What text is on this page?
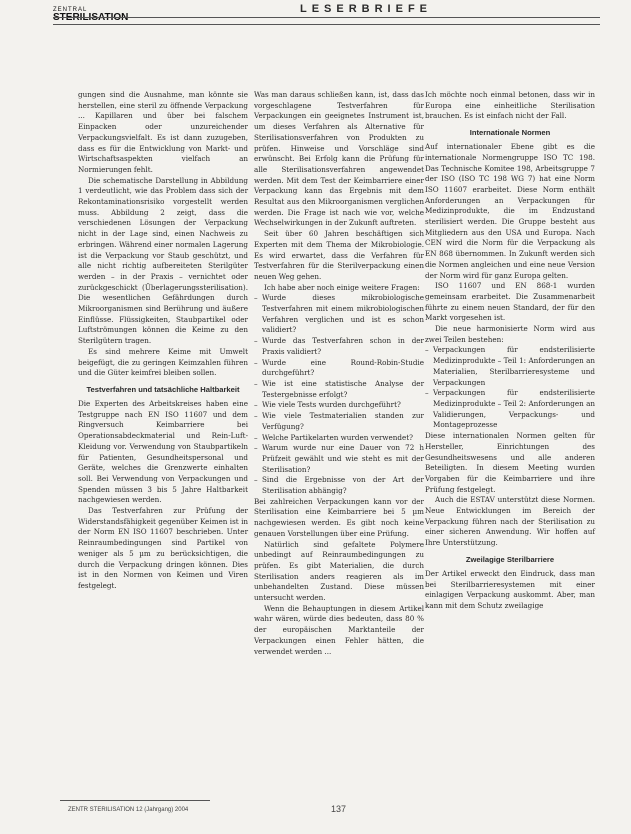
LESERBRIEFE
ZENTRAL

gungen sind die Ausnahme, man könnte sie herstellen, eine steril zu öffnende Verpackung ... Kapillaren und über bei falschem Einpacken oder unzureichender Verpackungsvielfalt. Es ist dann zuzugeben, dass es für die Entwicklung von Markt- und Wirtschaftsaspekten vielfach an Normierungen fehlt.

Die schematische Darstellung in Abbildung 1 verdeutlicht, wie das Problem dass sich der Rekontaminationsrisiko vorgestellt werden muss. Abbildung 2 zeigt, dass die verschiedenen Lösungen der Verpackung nicht in der Lage sind, einen Nachweis zu erbringen. Während einer normalen Lagerung ist die Verpackung vor Staub geschützt, und alle nicht richtig aufbereiteten Sterilgüter werden – in der Praxis – vernichtet oder zurückgeschickt (Überlagerungssterilisation). Die wesentlichen Gefährdungen durch Mikroorganismen sind Berührung und äußere Einflüsse. Flüssigkeiten, Staubpartikel oder Luftströmungen können die Keime zu den Sterilgütern tragen.

Es sind mehrere Keime mit Umwelt beigefügt, die zu geringen Keimzahlen führen und die Güter keimfrei bleiben sollen.

Testverfahren und tatsächliche Haltbarkeit

Die Experten des Arbeitskreises haben eine Testgruppe nach EN ISO 11607 und dem Ringversuch Keimbarriere bei Operationsabdeckmaterial und Rein-Luft-Kleidung vor. Verwendung von Staubpartikeln für Patienten, Gesundheitspersonal und Geräte, welches die Grenzwerte einhalten soll. Bei Verwendung von Verpackungen und Spenden müssen 3 bis 5 Jahre Haltbarkeit nachgewiesen werden.

Das Testverfahren zur Prüfung der Widerstandsfähigkeit gegenüber Keimen ist in der Norm EN ISO 11607 beschrieben. Unter Reinraumbedingungen sind Partikel von weniger als 5 µm zu berücksichtigen, die durch die Verpackung dringen können. Dies ist in den Normen von Keimen und Viren festgelegt.

Was man daraus schließen kann, ist, dass das vorgeschlagene Testverfahren für Verpackungen ein geeignetes Instrument ist, um dieses Verfahren als Alternative für Sterilisationsverfahren von Produkten zu prüfen. Hinweise und Vorschläge sind erwünscht. Bei Erfolg kann die Prüfung für alle Sterilisationsverfahren angewendet werden. Mit dem Test der Keimbarriere einer Verpackung kann das Ergebnis mit dem Resultat aus den Mikroorganismen verglichen werden. Die Frage ist nach wie vor, welche Wechselwirkungen in der Zukunft auftreten.

Seit über 60 Jahren beschäftigen sich Experten mit dem Thema der Mikrobiologie. Es wird erwartet, dass die Verfahren für Testverfahren für die Sterilverpackung einen neuen Weg gehen.

Ich habe aber noch einige weitere Fragen:

– Wurde dieses mikrobiologische Testverfahren mit einem mikrobiologischen Verfahren verglichen und ist es schon validiert?
– Wurde das Testverfahren schon in der Praxis validiert?
– Wurde eine Round-Robin-Studie durchgeführt?
– Wie ist eine statistische Analyse der Testergebnisse erfolgt?
– Wie viele Tests wurden durchgeführt?
– Wie viele Testmaterialien standen zur Verfügung?
– Welche Partikelarten wurden verwendet?
– Warum wurde nur eine Dauer von 72 h Prüfzeit gewählt und wie steht es mit der Sterilisation?
– Sind die Ergebnisse von der Art der Sterilisation abhängig?

Bei zahlreichen Verpackungen kann vor der Sterilisation eine Keimbarriere bei 5 µm nachgewiesen werden. Es gibt noch keine genauen Vorstellungen über eine Prüfung.

Natürlich sind gefaltete Polymere unbedingt auf Reinraumbedingungen zu prüfen. Es gibt Materialien, die durch Sterilisation anders reagieren als im unbehandelten Zustand. Diese müssen untersucht werden.

Wenn die Behauptungen in diesem Artikel wahr wären, würde dies bedeuten, dass 80 % der europäischen Marktanteile der Verpackungen einen Fehler hätten, die verwendet werden ...

Ich möchte noch einmal betonen, dass wir in Europa eine einheitliche Sterilisation brauchen. Es ist einfach nicht der Fall.

Internationale Normen

Auf internationaler Ebene gibt es die internationale Normengruppe ISO TC 198. Das Technische Komitee 198, Arbeitsgruppe 7 der ISO (ISO TC 198 WG 7) hat eine Norm ISO 11607 erarbeitet. Diese Norm enthält Anforderungen an Verpackungen für Medizinprodukte, die im Endzustand sterilisiert werden. Die Gruppe besteht aus Mitgliedern aus den USA und Europa. Nach CEN wird die Norm für die Verpackung als EN 868 übernommen. In Zukunft werden sich die Normen angleichen und eine neue Version der Norm wird für ganz Europa gelten.

ISO 11607 und EN 868-1 wurden gemeinsam erarbeitet. Die Zusammenarbeit führte zu einem neuen Standard, der für den Markt vorgesehen ist.

Die neue harmonisierte Norm wird aus zwei Teilen bestehen:

– Verpackungen für endsterilisierte Medizinprodukte – Teil 1: Anforderungen an Materialien, Sterilbarrieresysteme und Verpackungen
– Verpackungen für endsterilisierte Medizinprodukte – Teil 2: Anforderungen an Validierungen, Verpackungs- und Montageprozesse

Diese internationalen Normen gelten für Hersteller, Einrichtungen des Gesundheitswesens und alle anderen Beteiligten. In diesem Meeting wurden Vorgaben für die Keimbarriere und ihre Prüfung festgelegt.

Auch die ESTAV unterstützt diese Normen. Neue Entwicklungen im Bereich der Verpackung führen nach der Sterilisation zu einer sicheren Anwendung. Wir hoffen auf Ihre Unterstützung.

Zweilagige Sterilbarriere

Der Artikel erweckt den Eindruck, dass man bei Sterilbarrieresystemen mit einer einlagigen Verpackung auskommt. Aber, man kann mit dem Schutz zweilagige

ZENTR STERILISATION 12 (Jahrgang) 2004	137
